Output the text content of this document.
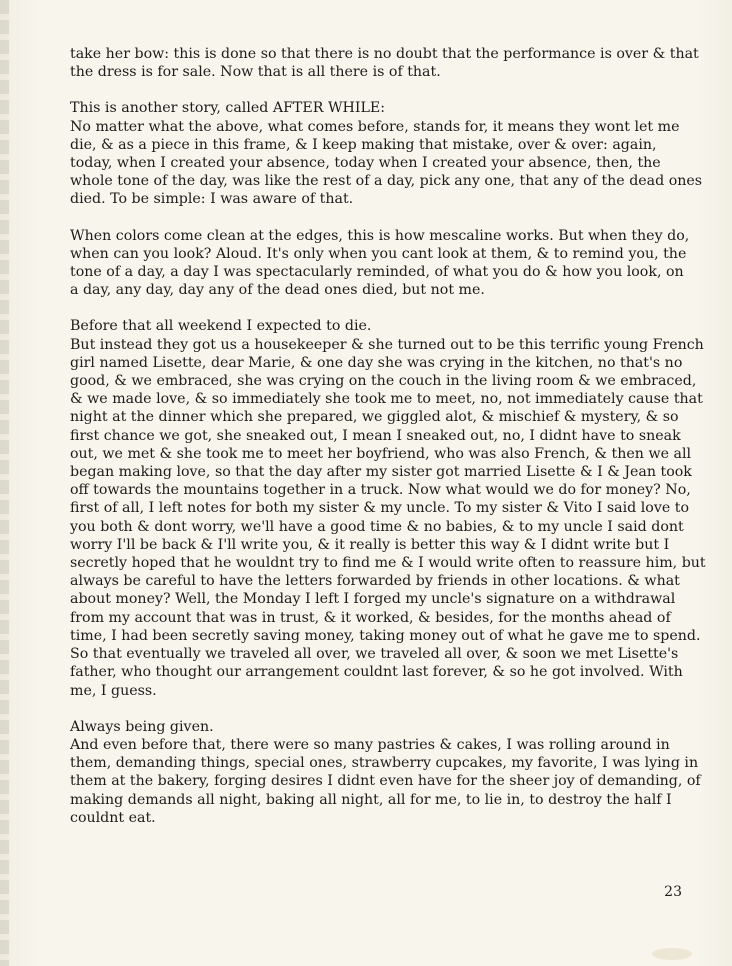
take her bow: this is done so that there is no doubt that the performance is over & that
the dress is for sale. Now that is all there is of that.

This is another story, called AFTER WHILE:
No matter what the above, what comes before, stands for, it means they wont let me
die, & as a piece in this frame, & I keep making that mistake, over & over: again,
today, when I created your absence, today when I created your absence, then, the
whole tone of the day, was like the rest of a day, pick any one, that any of the dead ones
died. To be simple: I was aware of that.

When colors come clean at the edges, this is how mescaline works. But when they do,
when can you look? Aloud. It's only when you cant look at them, & to remind you, the
tone of a day, a day I was spectacularly reminded, of what you do & how you look, on
a day, any day, day any of the dead ones died, but not me.

Before that all weekend I expected to die.
But instead they got us a housekeeper & she turned out to be this terrific young French
girl named Lisette, dear Marie, & one day she was crying in the kitchen, no that's no
good, & we embraced, she was crying on the couch in the living room & we embraced,
& we made love, & so immediately she took me to meet, no, not immediately cause that
night at the dinner which she prepared, we giggled alot, & mischief & mystery, & so
first chance we got, she sneaked out, I mean I sneaked out, no, I didnt have to sneak
out, we met & she took me to meet her boyfriend, who was also French, & then we all
began making love, so that the day after my sister got married Lisette & I & Jean took
off towards the mountains together in a truck. Now what would we do for money? No,
first of all, I left notes for both my sister & my uncle. To my sister & Vito I said love to
you both & dont worry, we'll have a good time & no babies, & to my uncle I said dont
worry I'll be back & I'll write you, & it really is better this way & I didnt write but I
secretly hoped that he wouldnt try to find me & I would write often to reassure him, but
always be careful to have the letters forwarded by friends in other locations. & what
about money? Well, the Monday I left I forged my uncle's signature on a withdrawal
from my account that was in trust, & it worked, & besides, for the months ahead of
time, I had been secretly saving money, taking money out of what he gave me to spend.
So that eventually we traveled all over, we traveled all over, & soon we met Lisette's
father, who thought our arrangement couldnt last forever, & so he got involved. With
me, I guess.

Always being given.
And even before that, there were so many pastries & cakes, I was rolling around in
them, demanding things, special ones, strawberry cupcakes, my favorite, I was lying in
them at the bakery, forging desires I didnt even have for the sheer joy of demanding, of
making demands all night, baking all night, all for me, to lie in, to destroy the half I
couldnt eat.

23
